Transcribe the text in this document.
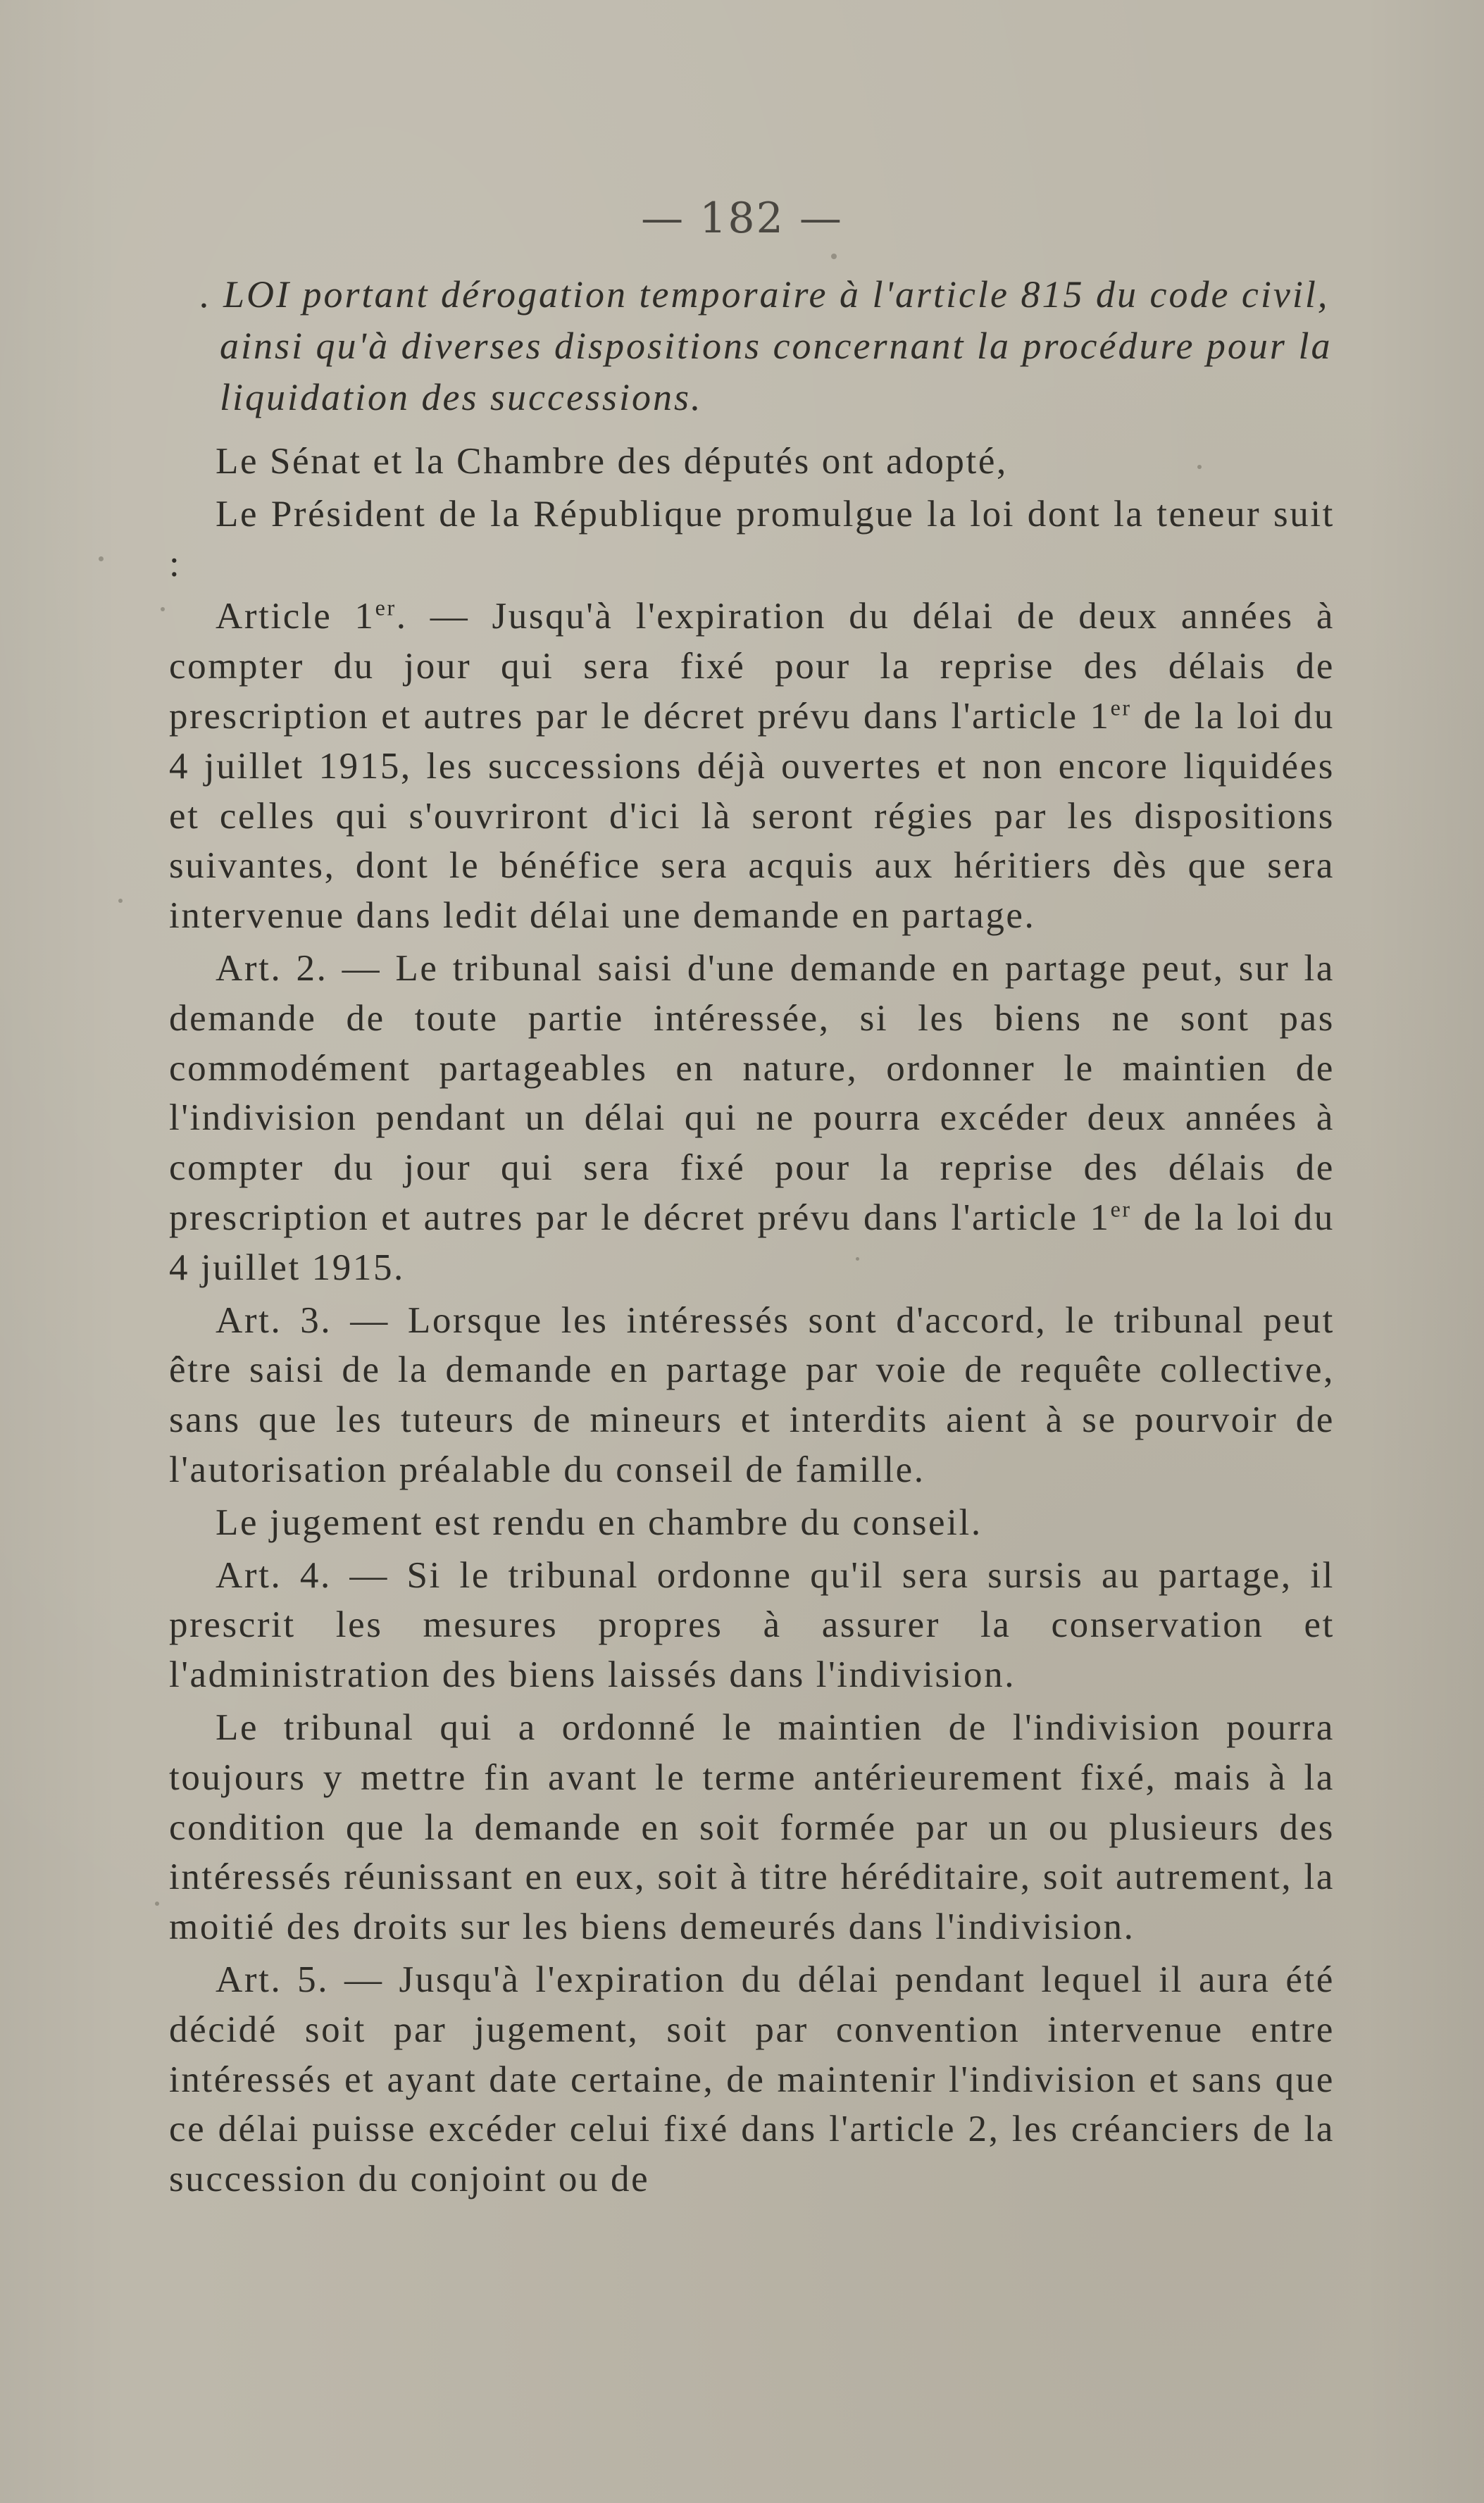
— 182 —
. LOI portant dérogation temporaire à l'article 815 du code civil, ainsi qu'à diverses dispositions concernant la procédure pour la liquidation des successions.

Le Sénat et la Chambre des députés ont adopté,

Le Président de la République promulgue la loi dont la teneur suit :

Article 1er. — Jusqu'à l'expiration du délai de deux années à compter du jour qui sera fixé pour la reprise des délais de prescription et autres par le décret prévu dans l'article 1er de la loi du 4 juillet 1915, les successions déjà ouvertes et non encore liquidées et celles qui s'ouvriront d'ici là seront régies par les dispositions suivantes, dont le bénéfice sera acquis aux héritiers dès que sera intervenue dans ledit délai une demande en partage.

Art. 2. — Le tribunal saisi d'une demande en partage peut, sur la demande de toute partie intéressée, si les biens ne sont pas commodément partageables en nature, ordonner le maintien de l'indivision pendant un délai qui ne pourra excéder deux années à compter du jour qui sera fixé pour la reprise des délais de prescription et autres par le décret prévu dans l'article 1er de la loi du 4 juillet 1915.

Art. 3. — Lorsque les intéressés sont d'accord, le tribunal peut être saisi de la demande en partage par voie de requête collective, sans que les tuteurs de mineurs et interdits aient à se pourvoir de l'autorisation préalable du conseil de famille.

Le jugement est rendu en chambre du conseil.

Art. 4. — Si le tribunal ordonne qu'il sera sursis au partage, il prescrit les mesures propres à assurer la conservation et l'administration des biens laissés dans l'indivision.

Le tribunal qui a ordonné le maintien de l'indivision pourra toujours y mettre fin avant le terme antérieurement fixé, mais à la condition que la demande en soit formée par un ou plusieurs des intéressés réunissant en eux, soit à titre héréditaire, soit autrement, la moitié des droits sur les biens demeurés dans l'indivision.

Art. 5. — Jusqu'à l'expiration du délai pendant lequel il aura été décidé soit par jugement, soit par convention intervenue entre intéressés et ayant date certaine, de maintenir l'indivision et sans que ce délai puisse excéder celui fixé dans l'article 2, les créanciers de la succession du conjoint ou de
